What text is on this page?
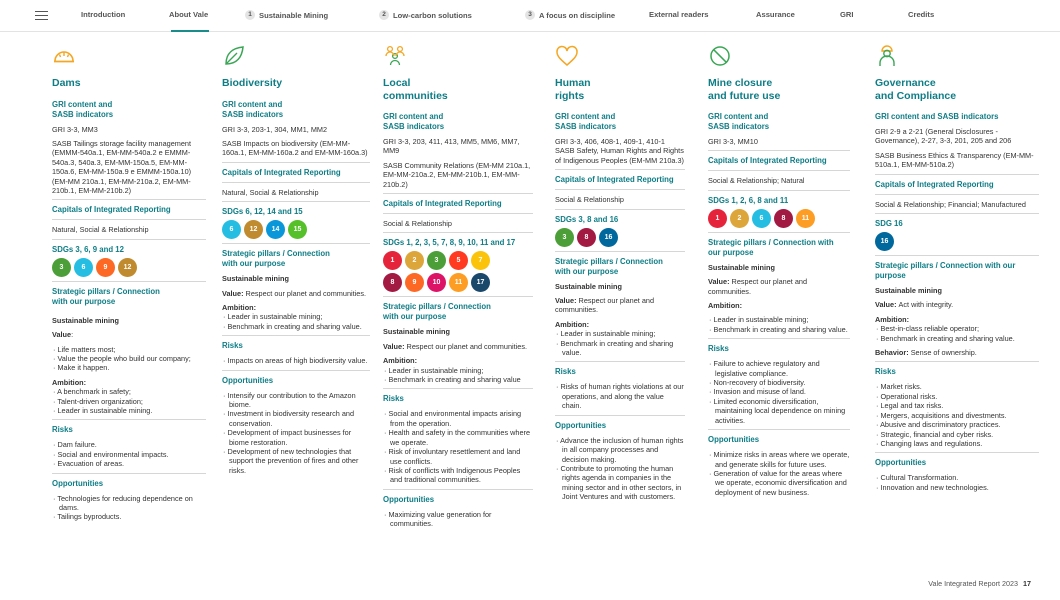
Introduction	About Vale	1 Sustainable Mining	2 Low-carbon solutions	3 A focus on discipline	External readers	Assurance	GRI	Credits
Dams
GRI content and
SASB indicators
GRI 3-3, MM3
SASB Tailings storage facility management (EMMM-540a.1, EM-MM-540a.2 e EMMM-540a.3, 540a.3, EM-MM-150a.5, EM-MM-150a.6, EM-MM-150a.9 e EMMM-150a.10) (EM-MM 210a.1, EM-MM-210a.2, EM-MM-210b.1, EM-MM-210b.2)
Capitals of Integrated Reporting
Natural, Social & Relationship
SDGs 3, 6, 9 and 12
3	6	9	12
Strategic pillars / Connection
with our purpose
Sustainable mining
Value:
· Life matters most;
· Value the people who build our company;
· Make it happen.
Ambition:
· A benchmark in safety;
· Talent-driven organization;
· Leader in sustainable mining.
Risks
· Dam failure.
· Social and environmental impacts.
· Evacuation of areas.
Opportunities
· Technologies for reducing dependence on dams.
· Tailings byproducts.
Biodiversity
GRI content and
SASB indicators
GRI 3-3, 203-1, 304, MM1, MM2
SASB Impacts on biodiversity (EM-MM-160a.1, EM-MM-160a.2 and EM-MM-160a.3)
Capitals of Integrated Reporting
Natural, Social & Relationship
SDGs 6, 12, 14 and 15
6	12	14	15
Strategic pillars / Connection
with our purpose
Sustainable mining
Value: Respect our planet and communities.
Ambition:
· Leader in sustainable mining;
· Benchmark in creating and sharing value.
Risks
· Impacts on areas of high biodiversity value.
Opportunities
· Intensify our contribution to the Amazon biome.
· Investment in biodiversity research and conservation.
· Development of impact businesses for biome restoration.
· Development of new technologies that support the prevention of fires and other risks.
Local
communities
GRI content and
SASB indicators
GRI 3-3, 203, 411, 413, MM5, MM6, MM7, MM9
SASB Community Relations (EM-MM 210a.1, EM-MM-210a.2, EM-MM-210b.1, EM-MM-210b.2)
Capitals of Integrated Reporting
Social & Relationship
SDGs 1, 2, 3, 5, 7, 8, 9, 10, 11 and 17
1	2	3	5	7
8	9	10	11	17
Strategic pillars / Connection
with our purpose
Sustainable mining
Value: Respect our planet and communities.
Ambition:
· Leader in sustainable mining;
· Benchmark in creating and sharing value
Risks
· Social and environmental impacts arising from the operation.
· Health and safety in the communities where we operate.
· Risk of involuntary resettlement and land use conflicts.
· Risk of conflicts with Indigenous Peoples and traditional communities.
Opportunities
· Maximizing value generation for communities.
Human
rights
GRI content and
SASB indicators
GRI 3-3, 406, 408-1, 409-1, 410-1 SASB Safety, Human Rights and Rights of Indigenous Peoples (EM-MM 210a.3)
Capitals of Integrated Reporting
Social & Relationship
SDGs 3, 8 and 16
3	8	16
Strategic pillars / Connection
with our purpose
Sustainable mining
Value: Respect our planet and communities.
Ambition:
· Leader in sustainable mining;
· Benchmark in creating and sharing value.
Risks
· Risks of human rights violations at our operations, and along the value chain.
Opportunities
· Advance the inclusion of human rights in all company processes and decision making.
· Contribute to promoting the human rights agenda in companies in the mining sector and in other sectors, in Joint Ventures and with customers.
Mine closure
and future use
GRI content and
SASB indicators
GRI 3-3, MM10
Capitals of Integrated Reporting
Social & Relationship; Natural
SDGs 1, 2, 6, 8 and 11
1	2	6	8	11
Strategic pillars / Connection with
our purpose
Sustainable mining
Value: Respect our planet and communities.
Ambition:
· Leader in sustainable mining;
· Benchmark in creating and sharing value.
Risks
· Failure to achieve regulatory and legislative compliance.
· Non-recovery of biodiversity.
· Invasion and misuse of land.
· Limited economic diversification, maintaining local dependence on mining activities.
Opportunities
· Minimize risks in areas where we operate, and generate skills for future uses.
· Generation of value for the areas where we operate, economic diversification and deployment of new business.
Governance
and Compliance
GRI content and SASB indicators
GRI 2-9 a 2-21 (General Disclosures - Governance), 2-27, 3-3, 201, 205 and 206
SASB Business Ethics & Transparency (EM-MM-510a.1, EM-MM-510a.2)
Capitals of Integrated Reporting
Social & Relationship; Financial; Manufactured
SDG 16
16
Strategic pillars / Connection with our purpose
Sustainable mining
Value: Act with integrity.
Ambition:
· Best-in-class reliable operator;
· Benchmark in creating and sharing value.
Behavior: Sense of ownership.
Risks
· Market risks.
· Operational risks.
· Legal and tax risks.
· Mergers, acquisitions and divestments.
· Abusive and discriminatory practices.
· Strategic, financial and cyber risks.
· Changing laws and regulations.
Opportunities
· Cultural Transformation.
· Innovation and new technologies.
Vale Integrated Report 2023 17
